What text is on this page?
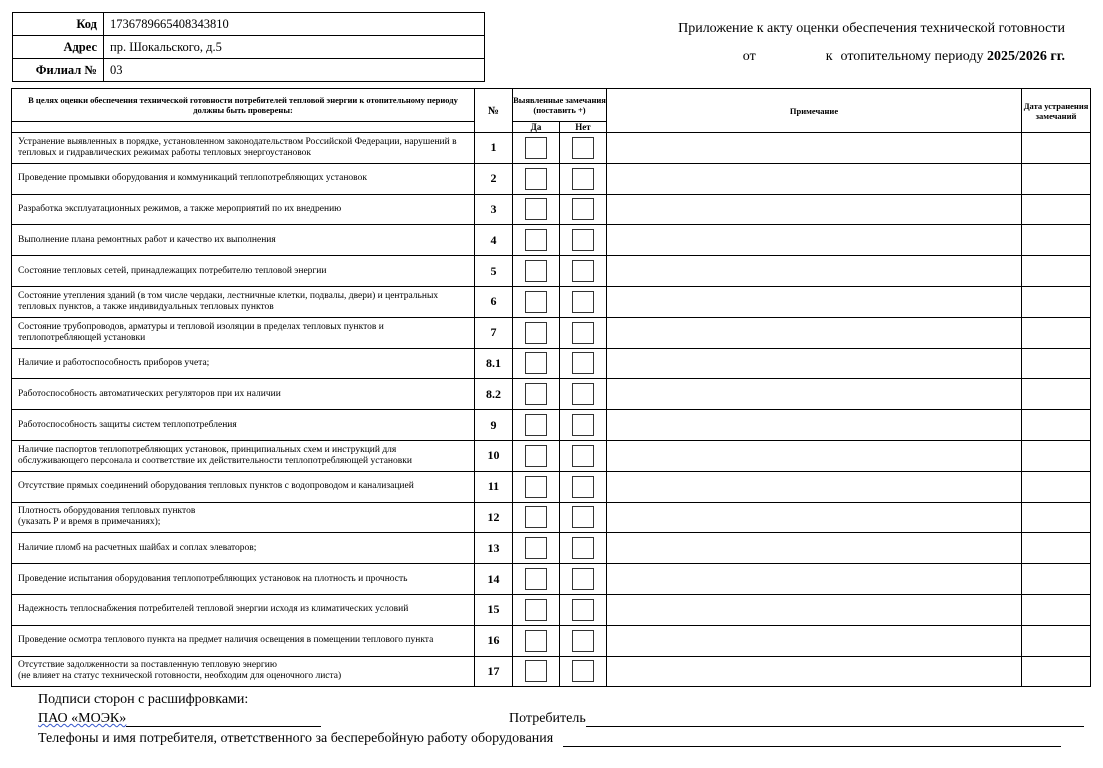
Код	1736789665408343810
Адрес	пр. Шокальского, д.5
Филиал №	03
Приложение к акту оценки обеспечения технической готовности
от	к отопительному периоду
2025/2026 гг.
В целях оценки обеспечения технической готовности потребителей тепловой энергии к отопительному периоду должны быть проверены:	№	Выявленные замечания (поставить +)		Примечание	Дата устранения замечаний
		Да	Нет		
Устранение выявленных в порядке, установленном законодательством Российской Федерации, нарушений в тепловых и гидравлических режимах работы тепловых энергоустановок	1				
Проведение промывки оборудования и коммуникаций теплопотребляющих установок	2				
Разработка эксплуатационных режимов, а также мероприятий по их внедрению	3				
Выполнение плана ремонтных работ и качество их выполнения	4				
Состояние тепловых сетей, принадлежащих потребителю тепловой энергии	5				
Состояние утепления зданий (в том числе чердаки, лестничные клетки, подвалы, двери) и центральных тепловых пунктов, а также индивидуальных тепловых пунктов	6				
Состояние трубопроводов, арматуры и тепловой изоляции в пределах тепловых пунктов и теплопотребляющей установки	7				
Наличие и работоспособность приборов учета;	8.1				
Работоспособность автоматических регуляторов при их наличии	8.2				
Работоспособность защиты систем теплопотребления	9				
Наличие паспортов теплопотребляющих установок, принципиальных схем и инструкций для обслуживающего персонала и соответствие их действительности теплопотребляющей установки	10				
Отсутствие прямых соединений оборудования тепловых пунктов с водопроводом и канализацией	11				
Плотность оборудования тепловых пунктов
(указать Р и время в примечаниях);	12				
Наличие пломб на расчетных шайбах и соплах элеваторов;	13				
Проведение испытания оборудования теплопотребляющих установок на плотность и прочность	14				
Надежность теплоснабжения потребителей тепловой энергии исходя из климатических условий	15				
Проведение осмотра теплового пункта на предмет наличия освещения в помещении теплового пункта	16				
Отсутствие задолженности за поставленную тепловую энергию
(не влияет на статус технической готовности, необходим для оценочного листа)	17				
Подписи сторон с расшифровками:
ПАО «МОЭК»	Потребитель
Телефоны и имя потребителя, ответственного за бесперебойную работу оборудования
